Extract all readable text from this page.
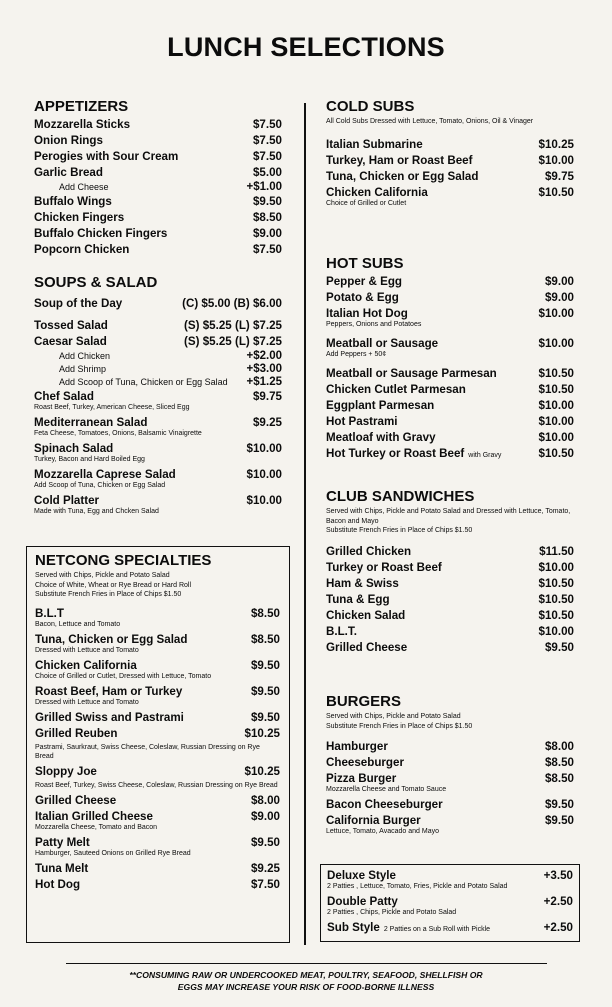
LUNCH SELECTIONS
APPETIZERS
Mozzarella Sticks	$7.50
Onion Rings	$7.50
Perogies with Sour Cream	$7.50
Garlic Bread	$5.00
Add Cheese	+$1.00
Buffalo Wings	$9.50
Chicken Fingers	$8.50
Buffalo Chicken Fingers	$9.00
Popcorn Chicken	$7.50
SOUPS & SALAD
Soup of the Day	(C) $5.00 (B) $6.00
Tossed Salad	(S) $5.25 (L) $7.25
Caesar Salad	(S) $5.25 (L) $7.25
Add Chicken	+$2.00
Add Shrimp	+$3.00
Add Scoop of Tuna, Chicken or Egg Salad +$1.25
Chef Salad	$9.75
Roast Beef, Turkey, American Cheese, Sliced Egg
Mediterranean Salad	$9.25
Feta Cheese, Tomatoes, Onions, Balsamic Vinaigrette
Spinach Salad	$10.00
Turkey, Bacon and Hard Boiled Egg
Mozzarella Caprese Salad	$10.00
Add Scoop of Tuna, Chicken or Egg Salad
Cold Platter	$10.00
Made with Tuna, Egg and Chcken Salad
NETCONG SPECIALTIES
Served with Chips, Pickle and Potato Salad
Choice of White, Wheat or Rye Bread or Hard Roll
Substitute French Fries in Place of Chips $1.50
B.L.T	$8.50
Bacon, Lettuce and Tomato
Tuna, Chicken or Egg Salad	$8.50
Dressed with Lettuce and Tomato
Chicken California	$9.50
Choice of Grilled or Cutlet, Dressed with Lettuce, Tomato
Roast Beef, Ham or Turkey	$9.50
Dressed with Lettuce and Tomato
Grilled Swiss and Pastrami	$9.50
Grilled Reuben	$10.25
Pastrami, Saurkraut, Swiss Cheese, Coleslaw, Russian Dressing on Rye Bread
Sloppy Joe	$10.25
Roast Beef, Turkey, Swiss Cheese, Coleslaw, Russian Dressing on Rye Bread
Grilled Cheese	$8.00
Italian Grilled Cheese	$9.00
Mozzarella Cheese, Tomato and Bacon
Patty Melt	$9.50
Hamburger, Sauteed Onions on Grilled Rye Bread
Tuna Melt	$9.25
Hot Dog	$7.50
COLD SUBS
All Cold Subs Dressed with Lettuce, Tomato, Onions, Oil & Vinager
Italian Submarine	$10.25
Turkey, Ham or Roast Beef	$10.00
Tuna, Chicken or Egg Salad	$9.75
Chicken California	$10.50
Choice of Grilled or Cutlet
HOT SUBS
Pepper & Egg	$9.00
Potato & Egg	$9.00
Italian Hot Dog	$10.00
Peppers, Onions and Potatoes
Meatball or Sausage	$10.00
Add Peppers + 50¢
Meatball or Sausage Parmesan	$10.50
Chicken Cutlet Parmesan	$10.50
Eggplant Parmesan	$10.00
Hot Pastrami	$10.00
Meatloaf with Gravy	$10.00
Hot Turkey or Roast Beef with Gravy	$10.50
CLUB SANDWICHES
Served with Chips, Pickle and Potato Salad and Dressed with Lettuce, Tomato, Bacon and Mayo
Substitute French Fries in Place of Chips $1.50
Grilled Chicken	$11.50
Turkey or Roast Beef	$10.00
Ham & Swiss	$10.50
Tuna & Egg	$10.50
Chicken Salad	$10.50
B.L.T.	$10.00
Grilled Cheese	$9.50
BURGERS
Served with Chips, Pickle and Potato Salad
Substitute French Fries in Place of Chips $1.50
Hamburger	$8.00
Cheeseburger	$8.50
Pizza Burger	$8.50
Mozzarella Cheese and Tomato Sauce
Bacon Cheeseburger	$9.50
California Burger	$9.50
Lettuce, Tomato, Avacado and Mayo
Deluxe Style	+3.50
2 Patties , Lettuce, Tomato, Fries, Pickle and Potato Salad
Double Patty	+2.50
2 Patties , Chips, Pickle and Potato Salad
Sub Style 2 Patties on a Sub Roll with Pickle	+2.50
**CONSUMING RAW OR UNDERCOOKED MEAT, POULTRY, SEAFOOD, SHELLFISH OR
EGGS MAY INCREASE YOUR RISK OF FOOD-BORNE ILLNESS
